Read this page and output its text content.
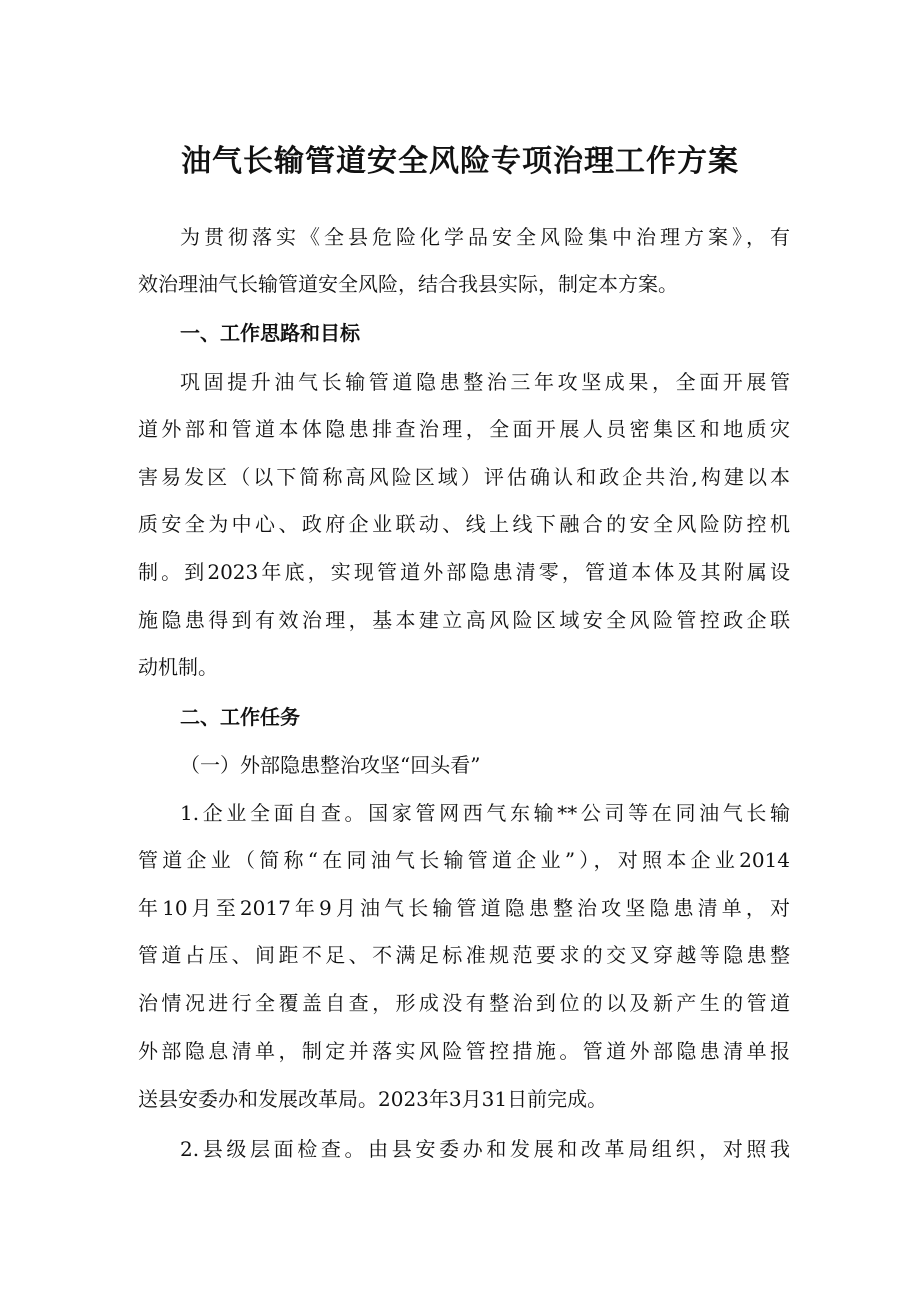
油气长输管道安全风险专项治理工作方案
为贯彻落实《全县危险化学品安全风险集中治理方案》，有
效治理油气长输管道安全风险，结合我县实际，制定本方案。
一、工作思路和目标
巩固提升油气长输管道隐患整治三年攻坚成果，全面开展管
道外部和管道本体隐患排查治理，全面开展人员密集区和地质灾
害易发区（以下简称高风险区域）评估确认和政企共治,构建以本
质安全为中心、政府企业联动、线上线下融合的安全风险防控机
制。到2023年底，实现管道外部隐患清零，管道本体及其附属设
施隐患得到有效治理，基本建立高风险区域安全风险管控政企联
动机制。
二、工作任务
（一）外部隐患整治攻坚“回头看”
1.企业全面自查。国家管网西气东输**公司等在同油气长输
管道企业（简称“在同油气长输管道企业”），对照本企业2014
年10月至2017年9月油气长输管道隐患整治攻坚隐患清单，对
管道占压、间距不足、不满足标准规范要求的交叉穿越等隐患整
治情况进行全覆盖自查，形成没有整治到位的以及新产生的管道
外部隐息清单，制定并落实风险管控措施。管道外部隐患清单报
送县安委办和发展改革局。2023年3月31日前完成。
2.县级层面检查。由县安委办和发展和改革局组织，对照我
